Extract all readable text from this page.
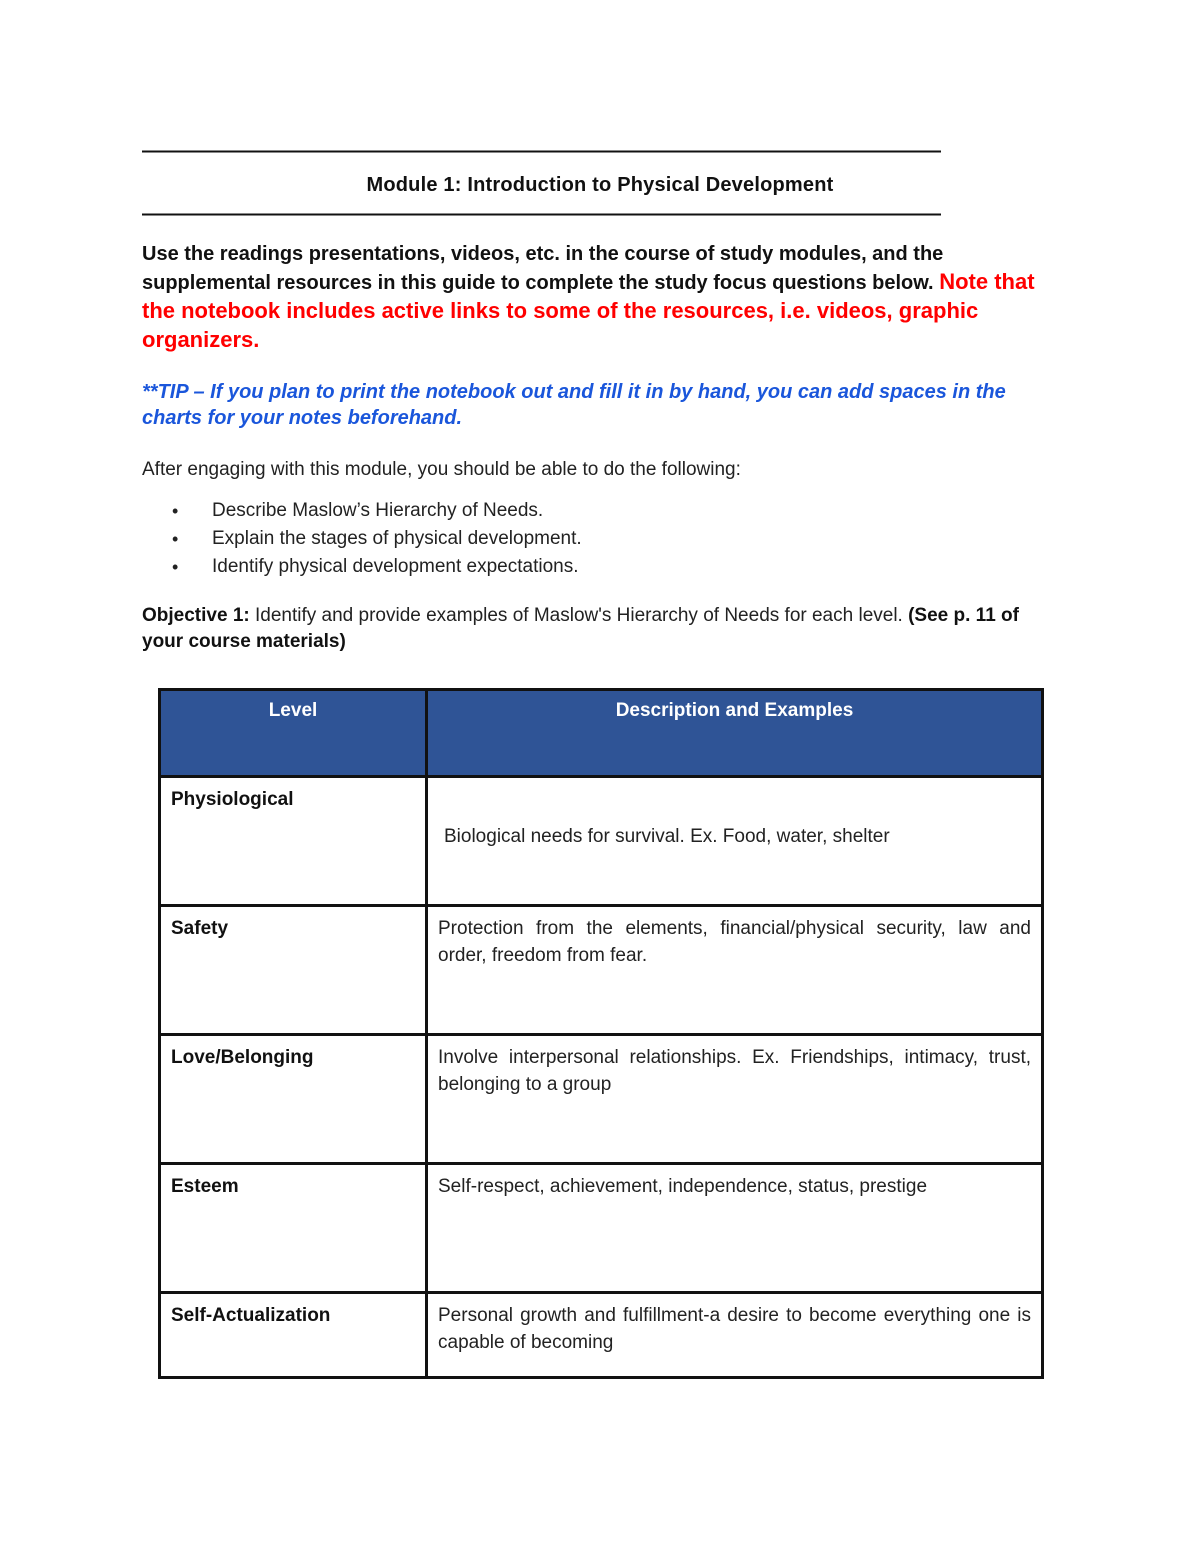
——————————————————————————————————————————
Module 1: Introduction to Physical Development
——————————————————————————————————————————
Use the readings presentations, videos, etc. in the course of study modules, and the supplemental resources in this guide to complete the study focus questions below. Note that the notebook includes active links to some of the resources, i.e. videos, graphic organizers.
**TIP – If you plan to print the notebook out and fill it in by hand, you can add spaces in the charts for your notes beforehand.
After engaging with this module, you should be able to do the following:
• Describe Maslow’s Hierarchy of Needs.
• Explain the stages of physical development.
• Identify physical development expectations.
Objective 1: Identify and provide examples of Maslow's Hierarchy of Needs for each level. (See p. 11 of your course materials)
Level	Description and Examples
Physiological	Biological needs for survival. Ex. Food, water, shelter

Safety	Protection from the elements, financial/physical security, law and order, freedom from fear.
Love/Belonging	Involve interpersonal relationships. Ex. Friendships, intimacy, trust, belonging to a group
Esteem	Self-respect, achievement, independence, status, prestige
Self-Actualization	Personal growth and fulfillment-a desire to become everything one is capable of becoming
